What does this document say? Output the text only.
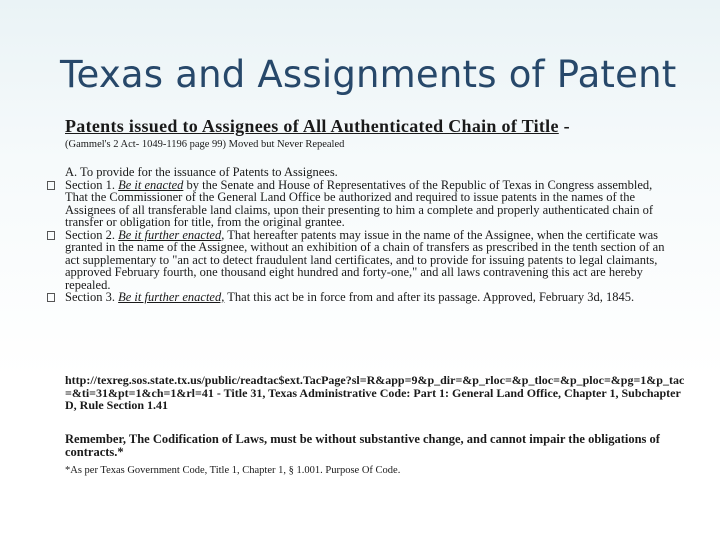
Texas and Assignments of Patent
Patents issued to Assignees of All Authenticated Chain of Title -
(Gammel's 2 Act- 1049-1196 page 99) Moved but Never Repealed
A. To provide for the issuance of Patents to Assignees.
Section 1. Be it enacted by the Senate and House of Representatives of the Republic of Texas in Congress assembled, That the Commissioner of the General Land Office be authorized and required to issue patents in the names of the Assignees of all transferable land claims, upon their presenting to him a complete and properly authenticated chain of transfer or obligation for title, from the original grantee.
Section 2. Be it further enacted, That hereafter patents may issue in the name of the Assignee, when the certificate was granted in the name of the Assignee, without an exhibition of a chain of transfers as prescribed in the tenth section of an act supplementary to "an act to detect fraudulent land certificates, and to provide for issuing patents to legal claimants, approved February fourth, one thousand eight hundred and forty-one," and all laws contravening this act are hereby repealed.
Section 3. Be it further enacted, That this act be in force from and after its passage. Approved, February 3d, 1845.
http://texreg.sos.state.tx.us/public/readtac$ext.TacPage?sl=R&app=9&p_dir=&p_rloc=&p_tloc=&p_ploc=&pg=1&p_tac=&ti=31&pt=1&ch=1&rl=41 - Title 31, Texas Administrative Code: Part 1: General Land Office, Chapter 1, Subchapter D, Rule Section 1.41
Remember, The Codification of Laws, must be without substantive change, and cannot impair the obligations of contracts.*
*As per Texas Government Code, Title 1, Chapter 1, § 1.001. Purpose Of Code.
